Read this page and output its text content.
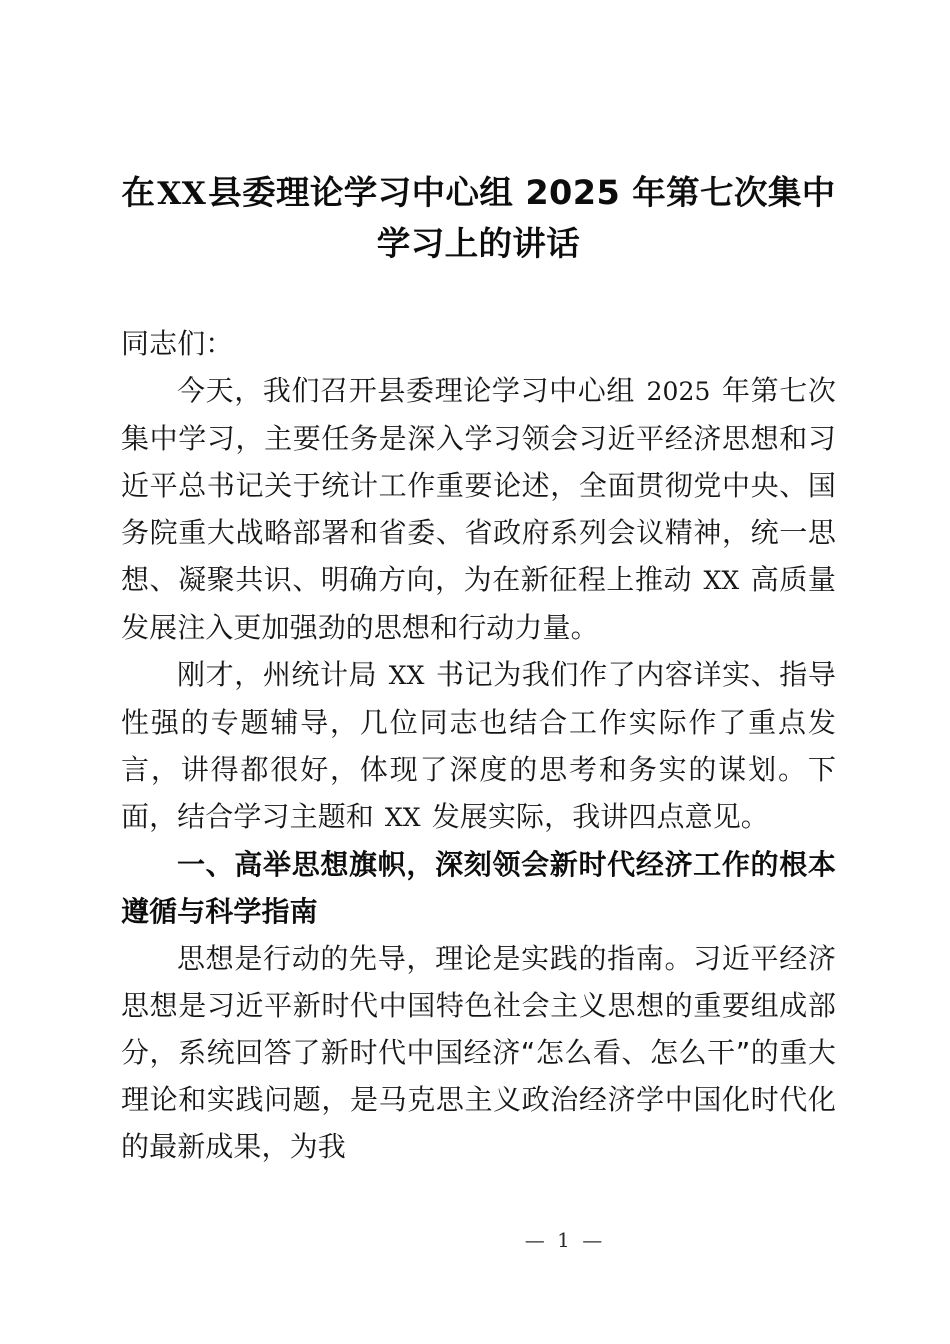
在XX县委理论学习中心组 2025 年第七次集中学习上的讲话

同志们：

今天，我们召开县委理论学习中心组 2025 年第七次集中学习，主要任务是深入学习领会习近平经济思想和习近平总书记关于统计工作重要论述，全面贯彻党中央、国务院重大战略部署和省委、省政府系列会议精神，统一思想、凝聚共识、明确方向，为在新征程上推动 XX 高质量发展注入更加强劲的思想和行动力量。

刚才，州统计局 XX 书记为我们作了内容详实、指导性强的专题辅导，几位同志也结合工作实际作了重点发言，讲得都很好，体现了深度的思考和务实的谋划。下面，结合学习主题和 XX 发展实际，我讲四点意见。

一、高举思想旗帜，深刻领会新时代经济工作的根本遵循与科学指南

思想是行动的先导，理论是实践的指南。习近平经济思想是习近平新时代中国特色社会主义思想的重要组成部分，系统回答了新时代中国经济“怎么看、怎么干”的重大理论和实践问题，是马克思主义政治经济学中国化时代化的最新成果，为我

— 1 —
